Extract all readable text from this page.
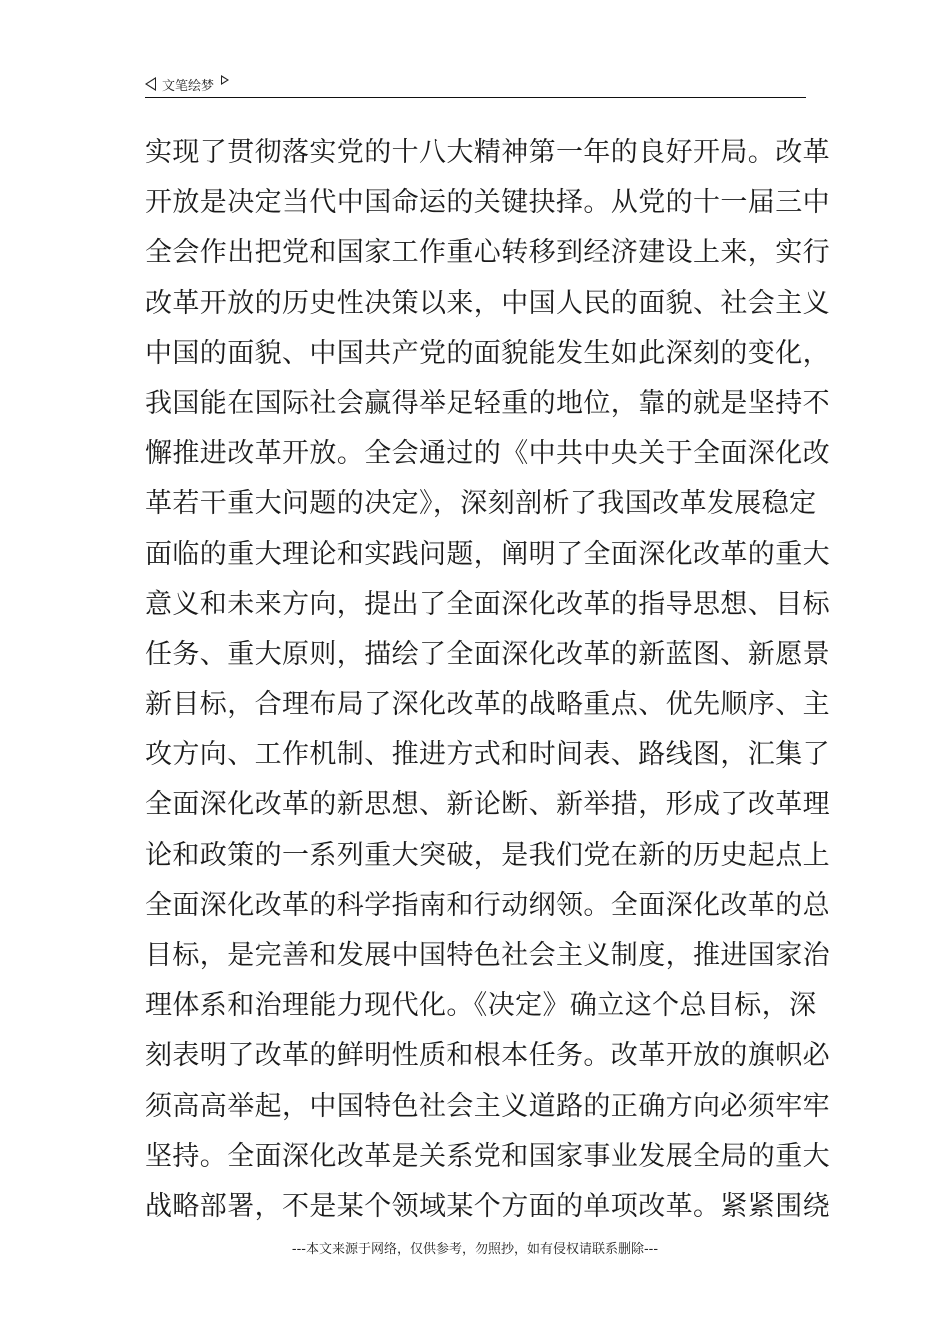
文笔绘梦
实现了贯彻落实党的十八大精神第一年的良好开局。改革
开放是决定当代中国命运的关键抉择。从党的十一届三中
全会作出把党和国家工作重心转移到经济建设上来，实行
改革开放的历史性决策以来，中国人民的面貌、社会主义
中国的面貌、中国共产党的面貌能发生如此深刻的变化，
我国能在国际社会赢得举足轻重的地位，靠的就是坚持不
懈推进改革开放。全会通过的《中共中央关于全面深化改
革若干重大问题的决定》，深刻剖析了我国改革发展稳定
面临的重大理论和实践问题，阐明了全面深化改革的重大
意义和未来方向，提出了全面深化改革的指导思想、目标
任务、重大原则，描绘了全面深化改革的新蓝图、新愿景
新目标，合理布局了深化改革的战略重点、优先顺序、主
攻方向、工作机制、推进方式和时间表、路线图，汇集了
全面深化改革的新思想、新论断、新举措，形成了改革理
论和政策的一系列重大突破，是我们党在新的历史起点上
全面深化改革的科学指南和行动纲领。全面深化改革的总
目标，是完善和发展中国特色社会主义制度，推进国家治
理体系和治理能力现代化。《决定》确立这个总目标，深
刻表明了改革的鲜明性质和根本任务。改革开放的旗帜必
须高高举起，中国特色社会主义道路的正确方向必须牢牢
坚持。全面深化改革是关系党和国家事业发展全局的重大
战略部署，不是某个领域某个方面的单项改革。紧紧围绕
---本文来源于网络，仅供参考，勿照抄，如有侵权请联系删除---
